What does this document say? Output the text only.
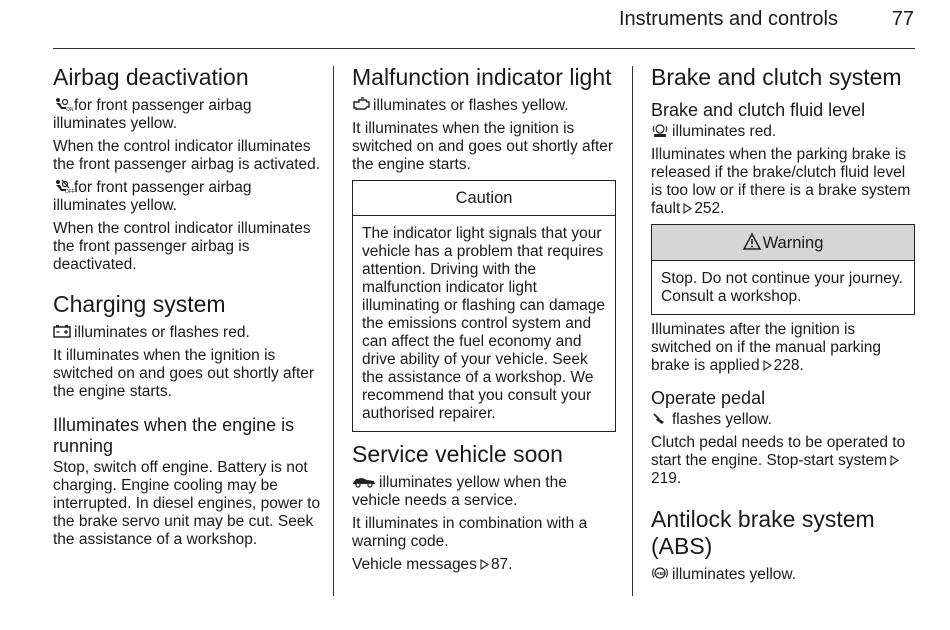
Instruments and controls	77
Airbag deactivation

ON for front passenger airbag illuminates yellow.

When the control indicator illuminates the front passenger airbag is activated.

OFF for front passenger airbag illuminates yellow.

When the control indicator illuminates the front passenger airbag is deactivated.

Charging system

illuminates or flashes red.

It illuminates when the ignition is switched on and goes out shortly after the engine starts.

Illuminates when the engine is running

Stop, switch off engine. Battery is not charging. Engine cooling may be interrupted. In diesel engines, power to the brake servo unit may be cut. Seek the assistance of a workshop.

Malfunction indicator light

illuminates or flashes yellow.

It illuminates when the ignition is switched on and goes out shortly after the engine starts.

Caution

The indicator light signals that your vehicle has a problem that requires attention. Driving with the malfunction indicator light illuminating or flashing can damage the emissions control system and can affect the fuel economy and drive ability of your vehicle. Seek the assistance of a workshop. We recommend that you consult your authorised repairer.

Service vehicle soon

illuminates yellow when the vehicle needs a service.

It illuminates in combination with a warning code.

Vehicle messages 87.

Brake and clutch system
Brake and clutch fluid level

illuminates red.

Illuminates when the parking brake is released if the brake/clutch fluid level is too low or if there is a brake system fault 252.

Warning

Stop. Do not continue your journey. Consult a workshop.

Illuminates after the ignition is switched on if the manual parking brake is applied 228.

Operate pedal

flashes yellow.

Clutch pedal needs to be operated to start the engine. Stop-start system
219.

Antilock brake system (ABS)

ABS illuminates yellow.
